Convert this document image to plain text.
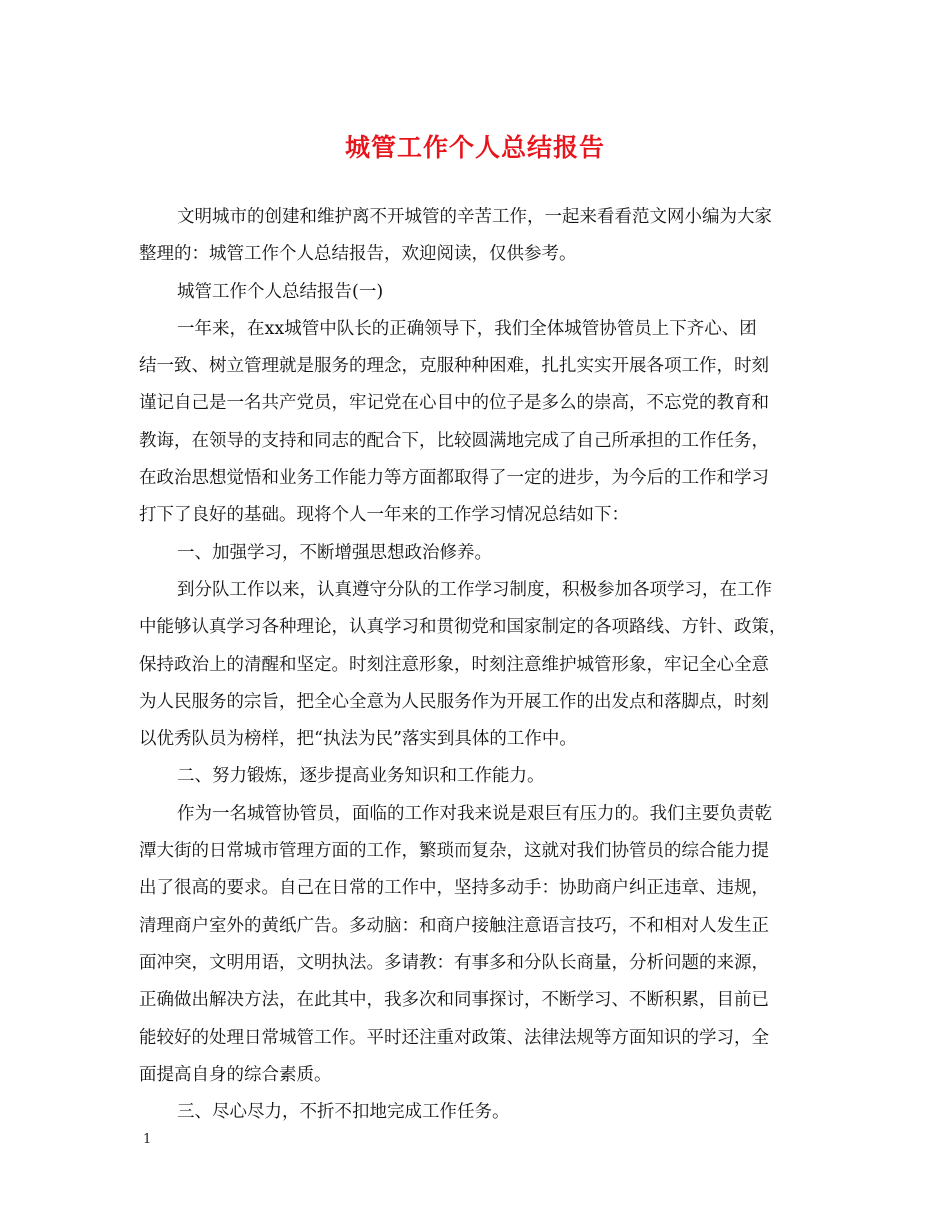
城管工作个人总结报告
文明城市的创建和维护离不开城管的辛苦工作，一起来看看范文网小编为大家
整理的：城管工作个人总结报告，欢迎阅读，仅供参考。
城管工作个人总结报告(一)
一年来，在xx城管中队长的正确领导下，我们全体城管协管员上下齐心、团
结一致、树立管理就是服务的理念，克服种种困难，扎扎实实开展各项工作，时刻
谨记自己是一名共产党员，牢记党在心目中的位子是多么的崇高，不忘党的教育和
教诲，在领导的支持和同志的配合下，比较圆满地完成了自己所承担的工作任务，
在政治思想觉悟和业务工作能力等方面都取得了一定的进步，为今后的工作和学习
打下了良好的基础。现将个人一年来的工作学习情况总结如下：
一、加强学习，不断增强思想政治修养。
到分队工作以来，认真遵守分队的工作学习制度，积极参加各项学习，在工作
中能够认真学习各种理论，认真学习和贯彻党和国家制定的各项路线、方针、政策，
保持政治上的清醒和坚定。时刻注意形象，时刻注意维护城管形象，牢记全心全意
为人民服务的宗旨，把全心全意为人民服务作为开展工作的出发点和落脚点，时刻
以优秀队员为榜样，把“执法为民”落实到具体的工作中。
二、努力锻炼，逐步提高业务知识和工作能力。
作为一名城管协管员，面临的工作对我来说是艰巨有压力的。我们主要负责乾
潭大街的日常城市管理方面的工作，繁琐而复杂，这就对我们协管员的综合能力提
出了很高的要求。自己在日常的工作中，坚持多动手：协助商户纠正违章、违规，
清理商户室外的黄纸广告。多动脑：和商户接触注意语言技巧，不和相对人发生正
面冲突，文明用语，文明执法。多请教：有事多和分队长商量，分析问题的来源，
正确做出解决方法，在此其中，我多次和同事探讨，不断学习、不断积累，目前已
能较好的处理日常城管工作。平时还注重对政策、法律法规等方面知识的学习，全
面提高自身的综合素质。
三、尽心尽力，不折不扣地完成工作任务。
1
